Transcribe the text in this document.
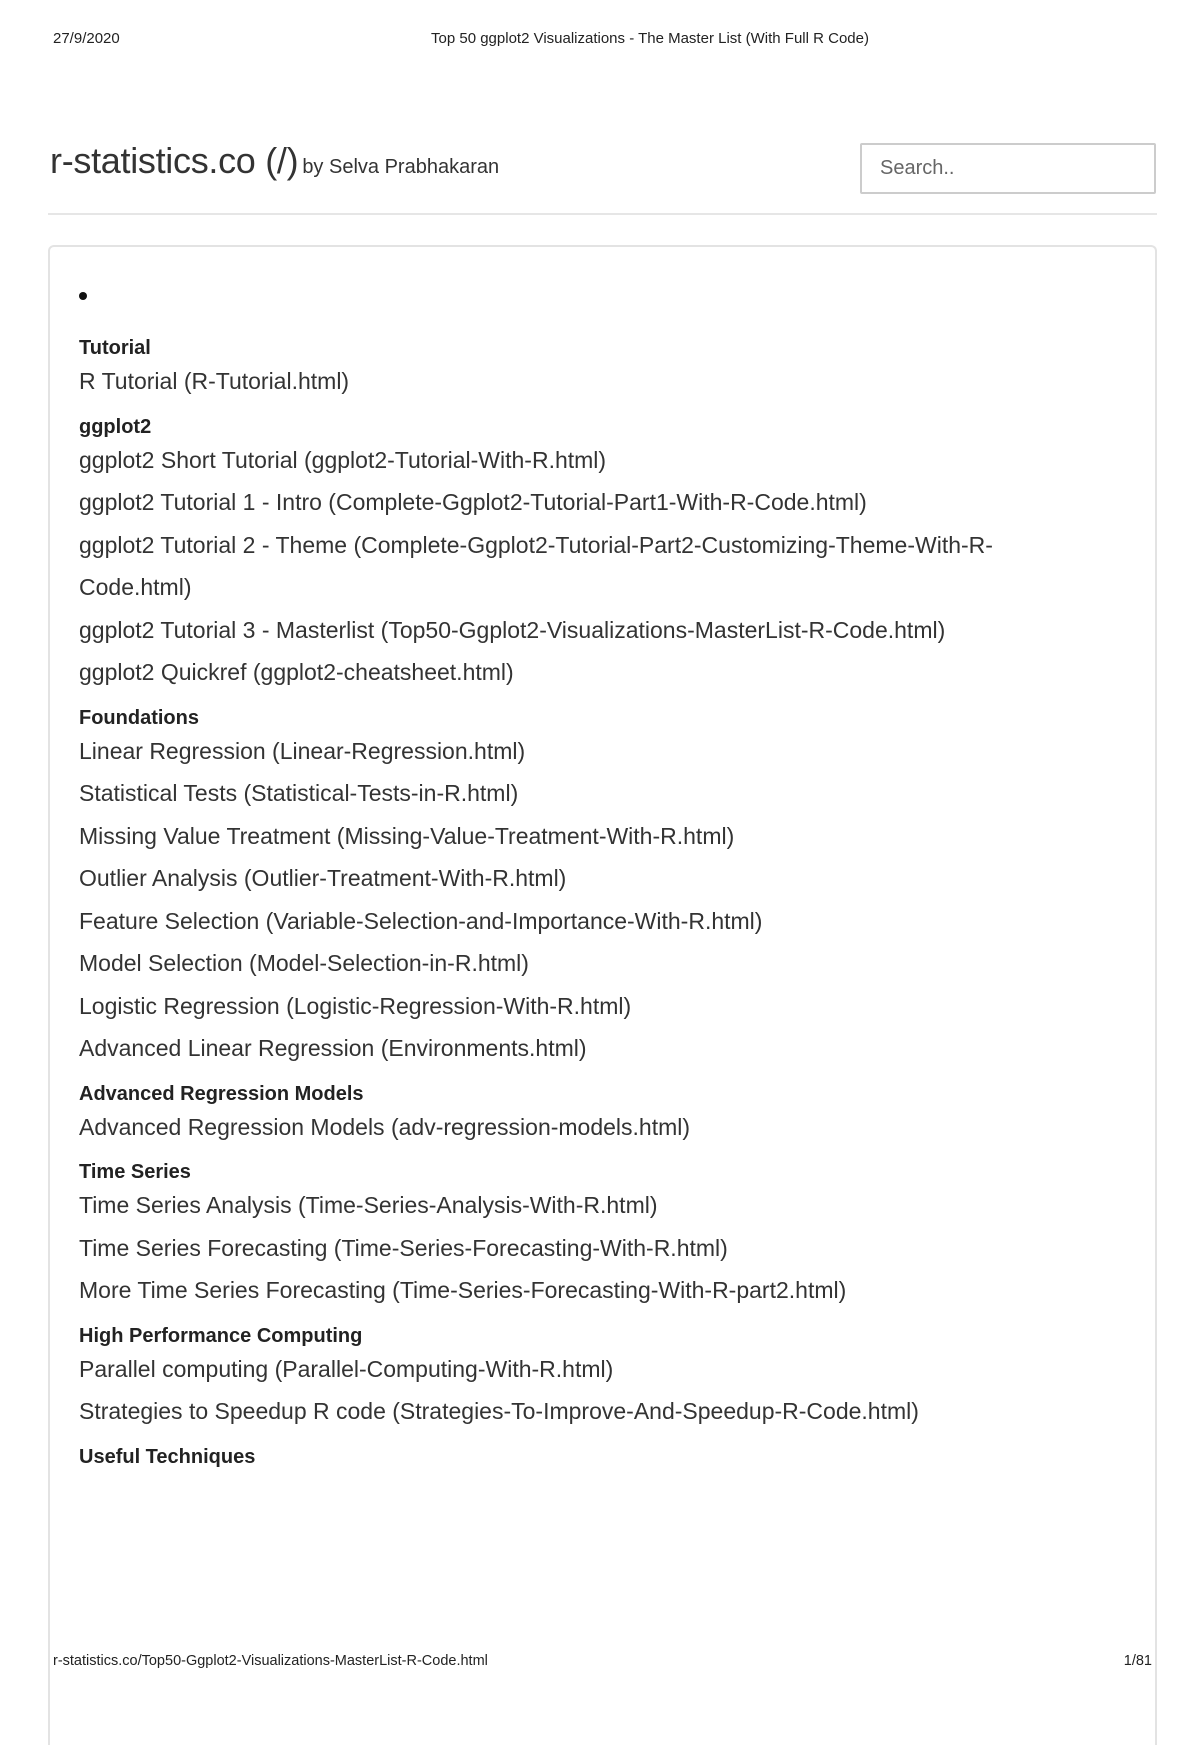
27/9/2020	Top 50 ggplot2 Visualizations - The Master List (With Full R Code)
r-statistics.co (/) by Selva Prabhakaran
Search..
Tutorial
R Tutorial (R-Tutorial.html)
ggplot2
ggplot2 Short Tutorial (ggplot2-Tutorial-With-R.html)
ggplot2 Tutorial 1 - Intro (Complete-Ggplot2-Tutorial-Part1-With-R-Code.html)
ggplot2 Tutorial 2 - Theme (Complete-Ggplot2-Tutorial-Part2-Customizing-Theme-With-R-Code.html)
ggplot2 Tutorial 3 - Masterlist (Top50-Ggplot2-Visualizations-MasterList-R-Code.html)
ggplot2 Quickref (ggplot2-cheatsheet.html)
Foundations
Linear Regression (Linear-Regression.html)
Statistical Tests (Statistical-Tests-in-R.html)
Missing Value Treatment (Missing-Value-Treatment-With-R.html)
Outlier Analysis (Outlier-Treatment-With-R.html)
Feature Selection (Variable-Selection-and-Importance-With-R.html)
Model Selection (Model-Selection-in-R.html)
Logistic Regression (Logistic-Regression-With-R.html)
Advanced Linear Regression (Environments.html)
Advanced Regression Models
Advanced Regression Models (adv-regression-models.html)
Time Series
Time Series Analysis (Time-Series-Analysis-With-R.html)
Time Series Forecasting (Time-Series-Forecasting-With-R.html)
More Time Series Forecasting (Time-Series-Forecasting-With-R-part2.html)
High Performance Computing
Parallel computing (Parallel-Computing-With-R.html)
Strategies to Speedup R code (Strategies-To-Improve-And-Speedup-R-Code.html)
Useful Techniques
r-statistics.co/Top50-Ggplot2-Visualizations-MasterList-R-Code.html	1/81
